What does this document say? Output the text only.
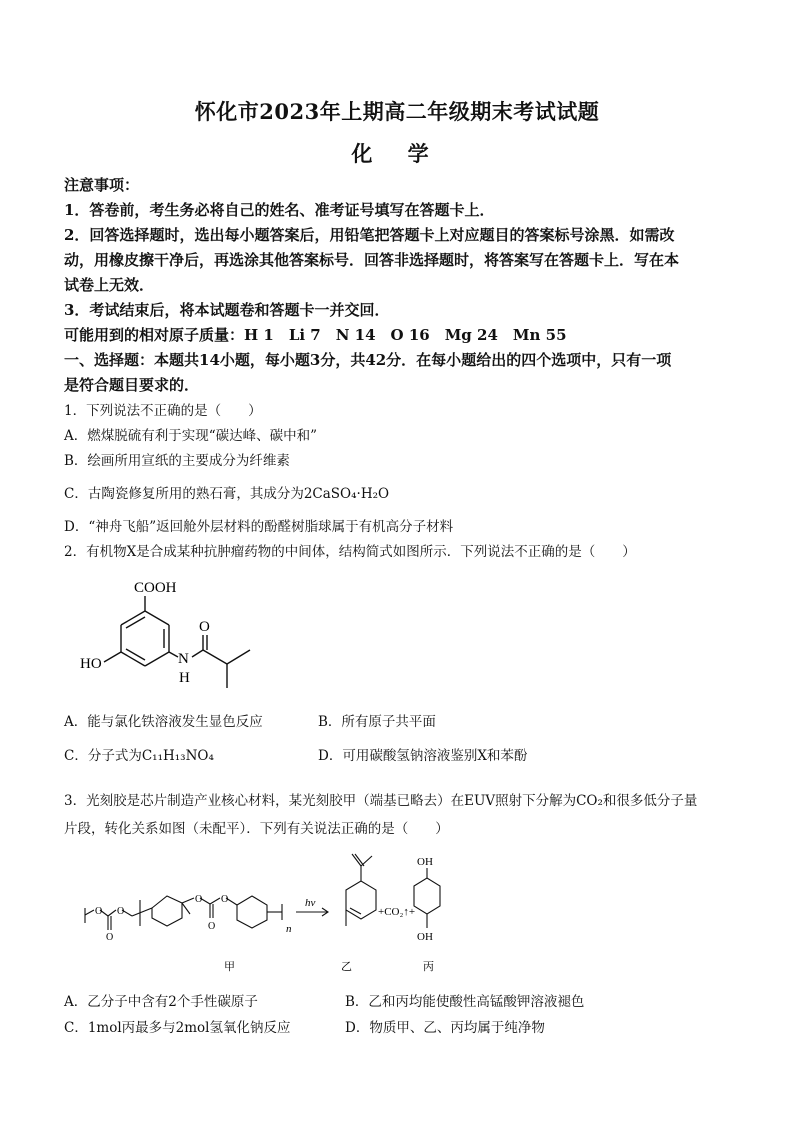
怀化市2023年上期高二年级期末考试试题
化 学
注意事项：
1．答卷前，考生务必将自己的姓名、准考证号填写在答题卡上．
2．回答选择题时，选出每小题答案后，用铅笔把答题卡上对应题目的答案标号涂黑．如需改
动，用橡皮擦干净后，再选涂其他答案标号．回答非选择题时，将答案写在答题卡上．写在本
试卷上无效．
3．考试结束后，将本试题卷和答题卡一并交回．
可能用到的相对原子质量：H 1　Li 7　N 14　O 16　Mg 24　Mn 55
一、选择题：本题共14小题，每小题3分，共42分．在每小题给出的四个选项中，只有一项
是符合题目要求的．
1．下列说法不正确的是（　　）
A．燃煤脱硫有利于实现“碳达峰、碳中和”
B．绘画所用宣纸的主要成分为纤维素
C．古陶瓷修复所用的熟石膏，其成分为2CaSO₄·H₂O
D．“神舟飞船”返回舱外层材料的酚醛树脂球属于有机高分子材料
2．有机物X是合成某种抗肿瘤药物的中间体，结构简式如图所示．下列说法不正确的是（　　）
COOH
HO	N
H
O
A．能与氯化铁溶液发生显色反应	B．所有原子共平面
C．分子式为C₁₁H₁₃NO₄	D．可用碳酸氢钠溶液鉴别X和苯酚
3．光刻胶是芯片制造产业核心材料，某光刻胶甲（端基已略去）在EUV照射下分解为CO₂和很多低分子量
片段，转化关系如图（未配平）．下列有关说法正确的是（　　）
O O
O
O O
O	n
hv
+CO₂↑+
OH
OH
甲	乙	丙
A．乙分子中含有2个手性碳原子	B．乙和丙均能使酸性高锰酸钾溶液褪色
C．1mol丙最多与2mol氢氧化钠反应	D．物质甲、乙、丙均属于纯净物
